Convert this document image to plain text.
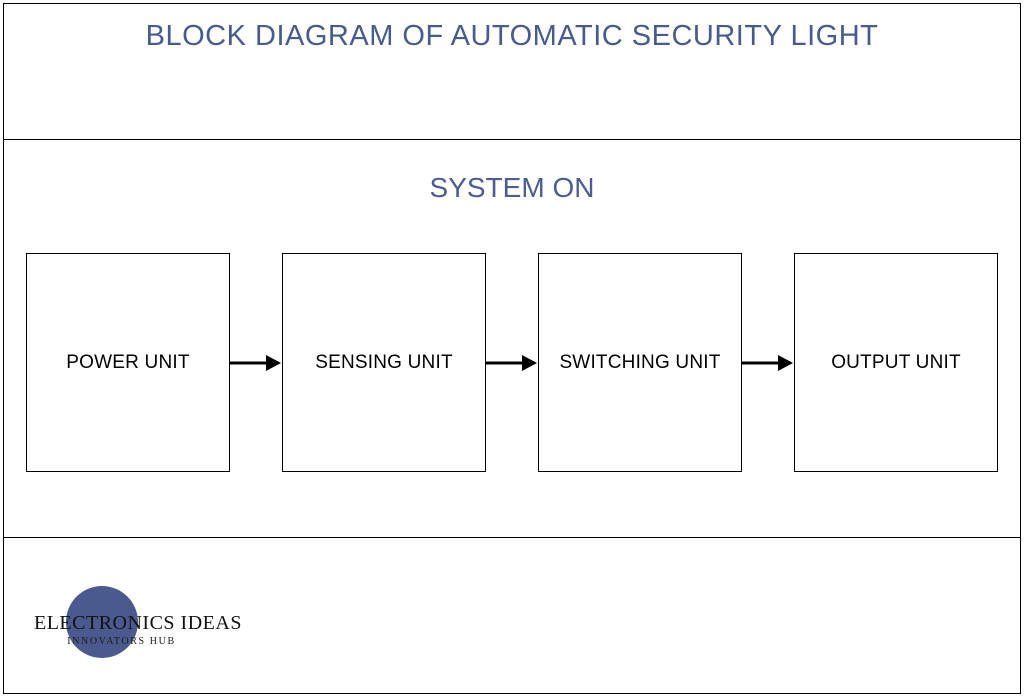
BLOCK DIAGRAM OF AUTOMATIC SECURITY LIGHT
SYSTEM ON
POWER UNIT	SENSING UNIT	SWITCHING UNIT	OUTPUT UNIT
ELECTRONICS IDEAS
INNOVATORS HUB
